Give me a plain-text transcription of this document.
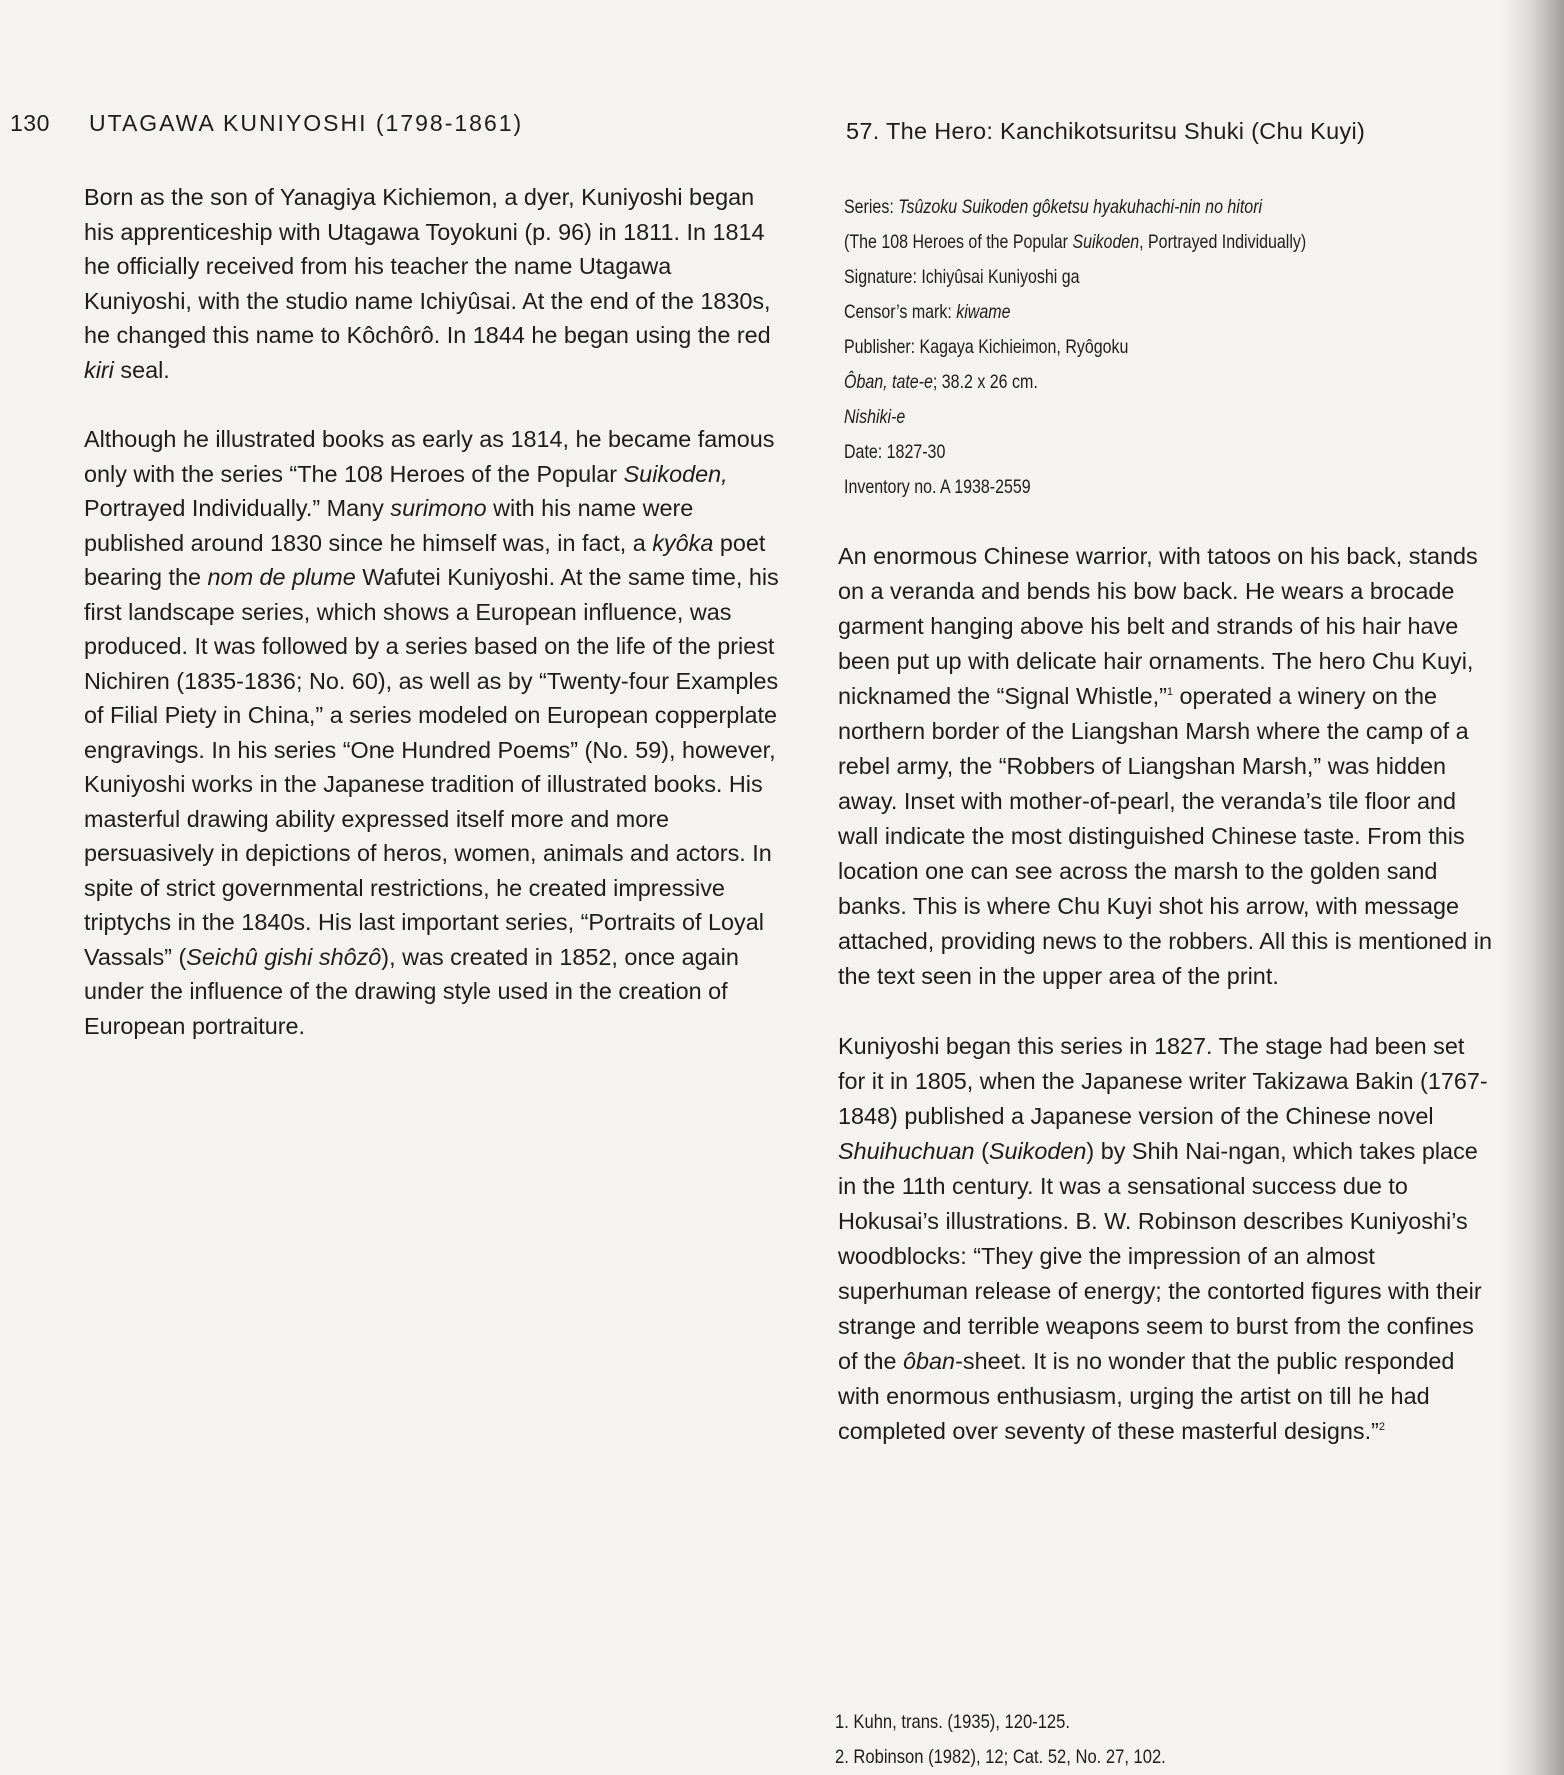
130 UTAGAWA KUNIYOSHI (1798-1861)

Born as the son of Yanagiya Kichiemon, a dyer, Kuniyoshi began his apprenticeship with Utagawa Toyokuni (p. 96) in 1811. In 1814 he officially received from his teacher the name Utagawa Kuniyoshi, with the studio name Ichiyûsai. At the end of the 1830s, he changed this name to Kôchôrô. In 1844 he began using the red kiri seal.

Although he illustrated books as early as 1814, he became famous only with the series “The 108 Heroes of the Popular Suikoden, Portrayed Individually.” Many surimono with his name were published around 1830 since he himself was, in fact, a kyôka poet bearing the nom de plume Wafutei Kuniyoshi. At the same time, his first landscape series, which shows a European influence, was produced. It was followed by a series based on the life of the priest Nichiren (1835-1836; No. 60), as well as by “Twenty-four Examples of Filial Piety in China,” a series modeled on European copperplate engravings. In his series “One Hundred Poems” (No. 59), however, Kuniyoshi works in the Japanese tradition of illustrated books. His masterful drawing ability expressed itself more and more persuasively in depictions of heros, women, animals and actors. In spite of strict governmental restrictions, he created impressive triptychs in the 1840s. His last important series, “Portraits of Loyal Vassals” (Seichû gishi shôzô), was created in 1852, once again under the influence of the drawing style used in the creation of European portraiture.

57. The Hero: Kanchikotsuritsu Shuki (Chu Kuyi)
Series: Tsûzoku Suikoden gôketsu hyakuhachi-nin no hitori
(The 108 Heroes of the Popular Suikoden, Portrayed Individually)
Signature: Ichiyûsai Kuniyoshi ga
Censor’s mark: kiwame
Publisher: Kagaya Kichieimon, Ryôgoku
Ôban, tate-e; 38.2 x 26 cm.
Nishiki-e
Date: 1827-30
Inventory no. A 1938-2559

An enormous Chinese warrior, with tatoos on his back, stands on a veranda and bends his bow back. He wears a brocade garment hanging above his belt and strands of his hair have been put up with delicate hair ornaments. The hero Chu Kuyi, nicknamed the “Signal Whistle,”$^1$ operated a winery on the northern border of the Liangshan Marsh where the camp of a rebel army, the “Robbers of Liangshan Marsh,” was hidden away. Inset with mother-of-pearl, the veranda’s tile floor and wall indicate the most distinguished Chinese taste. From this location one can see across the marsh to the golden sand banks. This is where Chu Kuyi shot his arrow, with message attached, providing news to the robbers. All this is mentioned in the text seen in the upper area of the print.

Kuniyoshi began this series in 1827. The stage had been set for it in 1805, when the Japanese writer Takizawa Bakin (1767-1848) published a Japanese version of the Chinese novel Shuihuchuan (Suikoden) by Shih Nai-ngan, which takes place in the 11th century. It was a sensational success due to Hokusai’s illustrations. B. W. Robinson describes Kuniyoshi’s woodblocks: “They give the impression of an almost superhuman release of energy; the contorted figures with their strange and terrible weapons seem to burst from the confines of the ôban-sheet. It is no wonder that the public responded with enormous enthusiasm, urging the artist on till he had completed over seventy of these masterful designs.”$^2$

1. Kuhn, trans. (1935), 120-125.
2. Robinson (1982), 12; Cat. 52, No. 27, 102.
